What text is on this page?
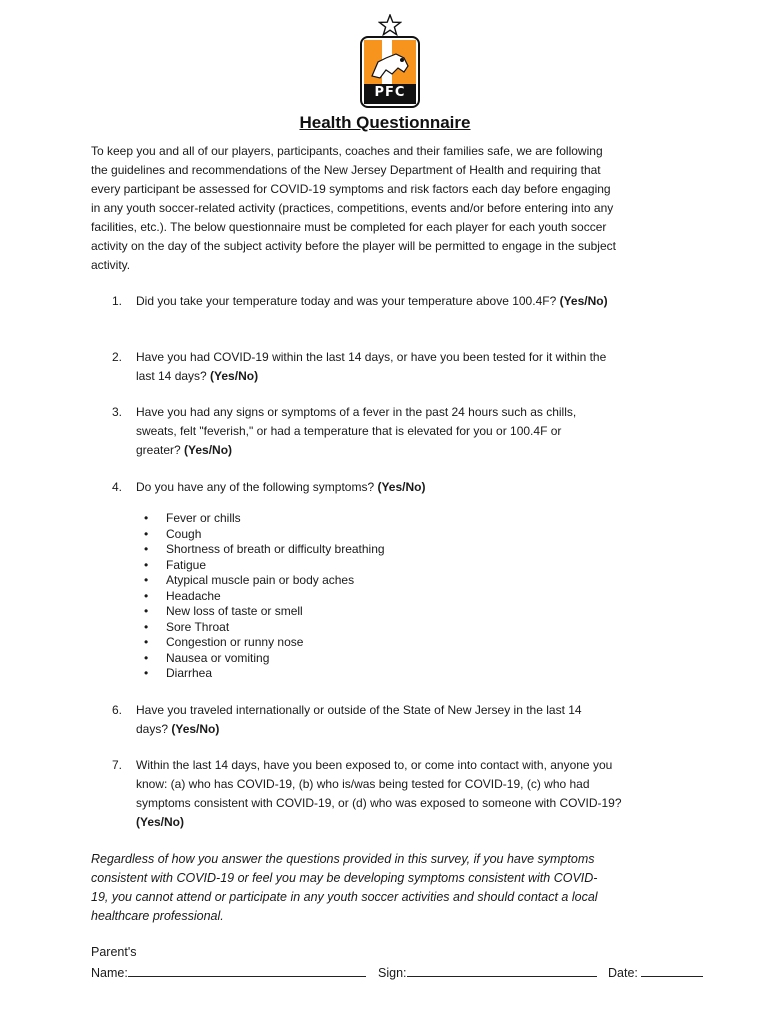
PFC
Health Questionnaire
To keep you and all of our players, participants, coaches and their families safe, we are following the guidelines and recommendations of the New Jersey Department of Health and requiring that every participant be assessed for COVID-19 symptoms and risk factors each day before engaging in any youth soccer-related activity (practices, competitions, events and/or before entering into any facilities, etc.). The below questionnaire must be completed for each player for each youth soccer activity on the day of the subject activity before the player will be permitted to engage in the subject activity.
1. Did you take your temperature today and was your temperature above 100.4F? (Yes/No)
2. Have you had COVID-19 within the last 14 days, or have you been tested for it within the last 14 days? (Yes/No)
3. Have you had any signs or symptoms of a fever in the past 24 hours such as chills, sweats, felt "feverish," or had a temperature that is elevated for you or 100.4F or greater? (Yes/No)
4. Do you have any of the following symptoms? (Yes/No)
• Fever or chills
• Cough
• Shortness of breath or difficulty breathing
• Fatigue
• Atypical muscle pain or body aches
• Headache
• New loss of taste or smell
• Sore Throat
• Congestion or runny nose
• Nausea or vomiting
• Diarrhea
6. Have you traveled internationally or outside of the State of New Jersey in the last 14 days? (Yes/No)
7. Within the last 14 days, have you been exposed to, or come into contact with, anyone you know: (a) who has COVID-19, (b) who is/was being tested for COVID-19, (c) who had symptoms consistent with COVID-19, or (d) who was exposed to someone with COVID-19? (Yes/No)
Regardless of how you answer the questions provided in this survey, if you have symptoms consistent with COVID-19 or feel you may be developing symptoms consistent with COVID-19, you cannot attend or participate in any youth soccer activities and should contact a local healthcare professional.
Parent's
Name:	Sign:	Date:
